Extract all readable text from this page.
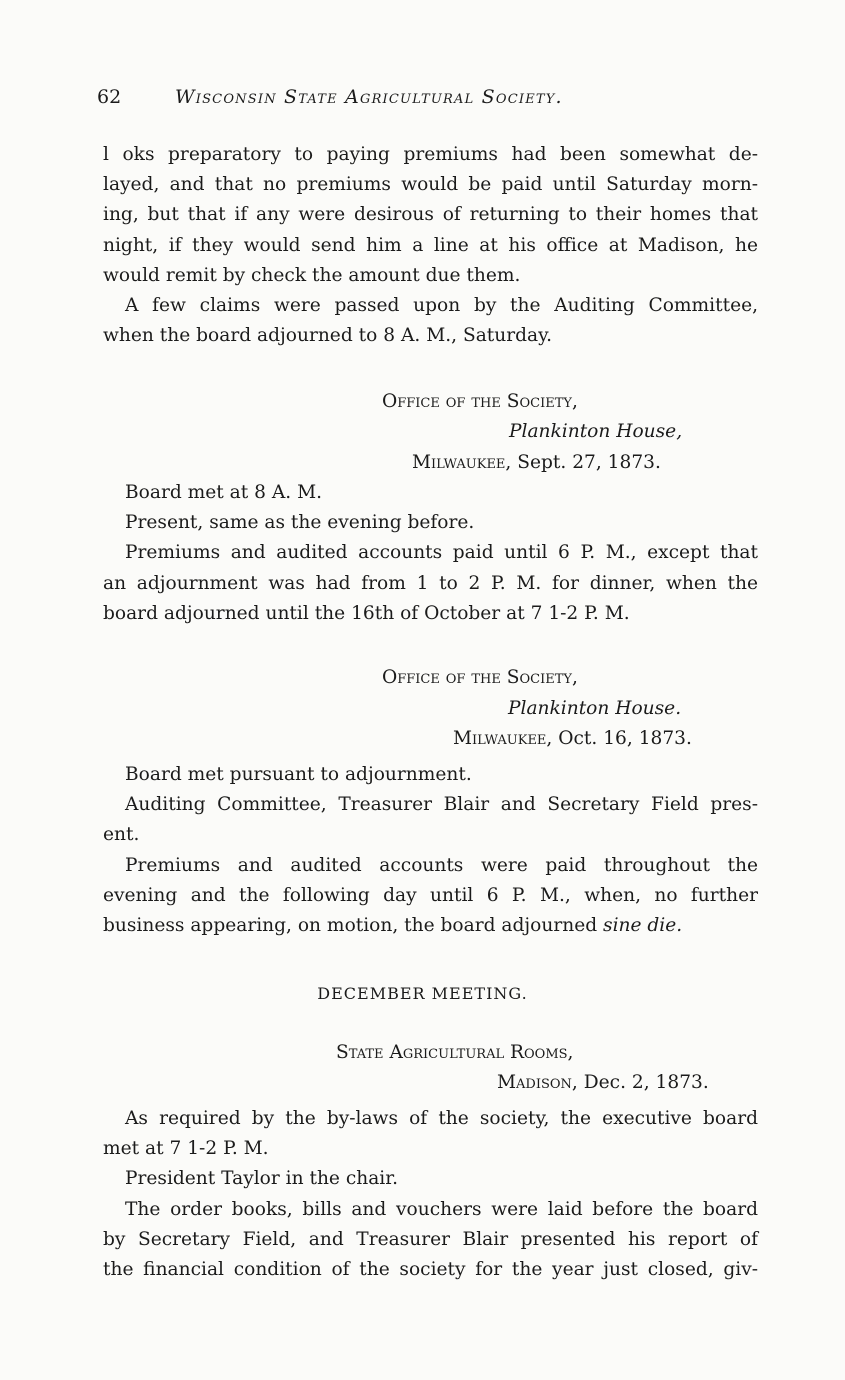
62	Wisconsin State Agricultural Society.
l oks preparatory to paying premiums had been somewhat de-
layed, and that no premiums would be paid until Saturday morn-
ing, but that if any were desirous of returning to their homes that
night, if they would send him a line at his office at Madison, he
would remit by check the amount due them.
A few claims were passed upon by the Auditing Committee,
when the board adjourned to 8 A. M., Saturday.
Office of the Society,
Plankinton House,
Milwaukee, Sept. 27, 1873.
Board met at 8 A. M.
Present, same as the evening before.
Premiums and audited accounts paid until 6 P. M., except that
an adjournment was had from 1 to 2 P. M. for dinner, when the
board adjourned until the 16th of October at 7 1-2 P. M.
Office of the Society,
Plankinton House.
Milwaukee, Oct. 16, 1873.
Board met pursuant to adjournment.
Auditing Committee, Treasurer Blair and Secretary Field pres-
ent.
Premiums and audited accounts were paid throughout the
evening and the following day until 6 P. M., when, no further
business appearing, on motion, the board adjourned sine die.
DECEMBER MEETING.
State Agricultural Rooms,
Madison, Dec. 2, 1873.
As required by the by-laws of the society, the executive board
met at 7 1-2 P. M.
President Taylor in the chair.
The order books, bills and vouchers were laid before the board
by Secretary Field, and Treasurer Blair presented his report of
the financial condition of the society for the year just closed, giv-
